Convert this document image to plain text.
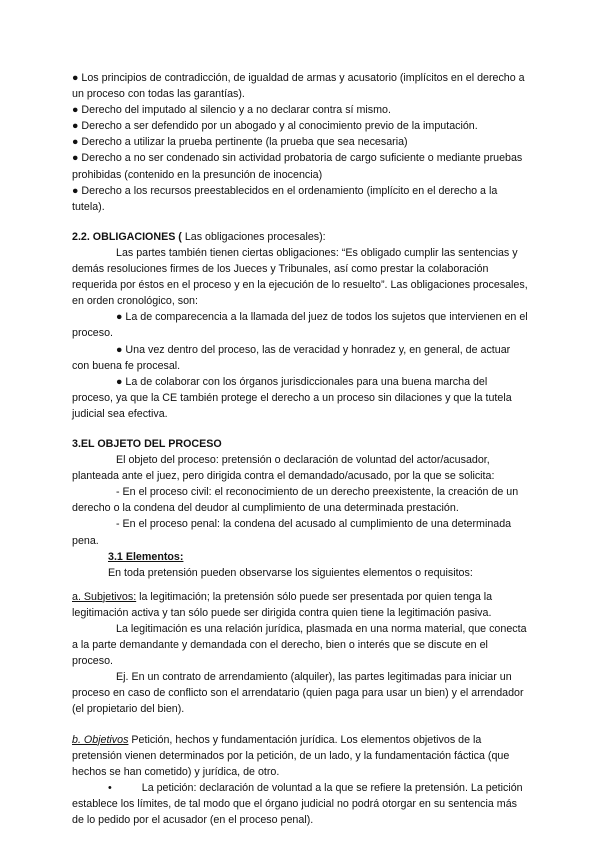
● Los principios de contradicción, de igualdad de armas y acusatorio (implícitos en el derecho a un proceso con todas las garantías).

● Derecho del imputado al silencio y a no declarar contra sí mismo.

● Derecho a ser defendido por un abogado y al conocimiento previo de la imputación.

● Derecho a utilizar la prueba pertinente (la prueba que sea necesaria)

● Derecho a no ser condenado sin actividad probatoria de cargo suficiente o mediante pruebas prohibidas (contenido en la presunción de inocencia)

● Derecho a los recursos preestablecidos en el ordenamiento (implícito en el derecho a la tutela).

2.2. OBLIGACIONES ( Las obligaciones procesales):

Las partes también tienen ciertas obligaciones: “Es obligado cumplir las sentencias y demás resoluciones firmes de los Jueces y Tribunales, así como prestar la colaboración requerida por éstos en el proceso y en la ejecución de lo resuelto”. Las obligaciones procesales, en orden cronológico, son:

● La de comparecencia a la llamada del juez de todos los sujetos que intervienen en el proceso.

● Una vez dentro del proceso, las de veracidad y honradez y, en general, de actuar con buena fe procesal.

● La de colaborar con los órganos jurisdiccionales para una buena marcha del proceso, ya que la CE también protege el derecho a un proceso sin dilaciones y que la tutela judicial sea efectiva.

3.EL OBJETO DEL PROCESO

El objeto del proceso: pretensión o declaración de voluntad del actor/acusador, planteada ante el juez, pero dirigida contra el demandado/acusado, por la que se solicita:

- En el proceso civil: el reconocimiento de un derecho preexistente, la creación de un derecho o la condena del deudor al cumplimiento de una determinada prestación.

- En el proceso penal: la condena del acusado al cumplimiento de una determinada pena.

3.1 Elementos:

En toda pretensión pueden observarse los siguientes elementos o requisitos:

a. Subjetivos: la legitimación; la pretensión sólo puede ser presentada por quien tenga la legitimación activa y tan sólo puede ser dirigida contra quien tiene la legitimación pasiva.

La legitimación es una relación jurídica, plasmada en una norma material, que conecta a la parte demandante y demandada con el derecho, bien o interés que se discute en el proceso.

Ej. En un contrato de arrendamiento (alquiler), las partes legitimadas para iniciar un proceso en caso de conflicto son el arrendatario (quien paga para usar un bien) y el arrendador (el propietario del bien).

b. Objetivos Petición, hechos y fundamentación jurídica. Los elementos objetivos de la pretensión vienen determinados por la petición, de un lado, y la fundamentación fáctica (que hechos se han cometido) y jurídica, de otro.

•	La petición: declaración de voluntad a la que se refiere la pretensión. La petición establece los límites, de tal modo que el órgano judicial no podrá otorgar en su sentencia más de lo pedido por el acusador (en el proceso penal).
